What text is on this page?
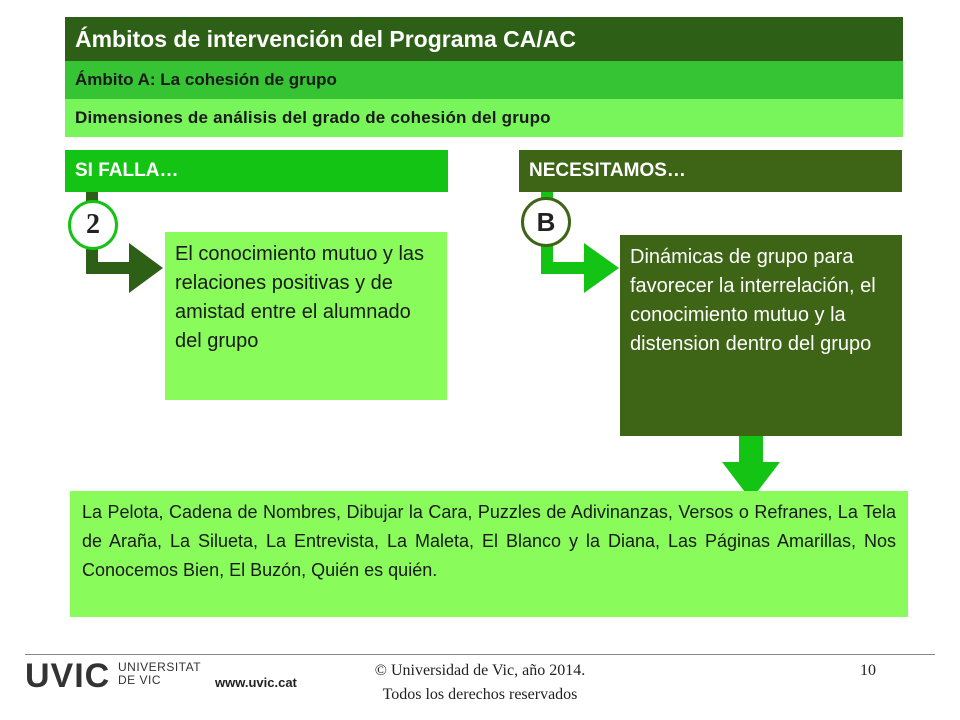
Ámbitos de intervención del Programa CA/AC
Ámbito A: La cohesión de grupo
Dimensiones de análisis del grado de cohesión del grupo
SI FALLA…	NECESITAMOS…
2	B
El conocimiento mutuo y las relaciones positivas y de amistad entre el alumnado del grupo
Dinámicas de grupo para favorecer la interrelación, el conocimiento mutuo y la distension dentro del grupo
La Pelota, Cadena de Nombres, Dibujar la Cara, Puzzles de Adivinanzas, Versos o Refranes, La Tela de Araña, La Silueta, La Entrevista, La Maleta, El Blanco y la Diana, Las Páginas Amarillas, Nos Conocemos Bien, El Buzón, Quién es quién.
UVIC UNIVERSITAT
DE VIC	www.uvic.cat
© Universidad de Vic, año 2014.
Todos los derechos reservados
10
